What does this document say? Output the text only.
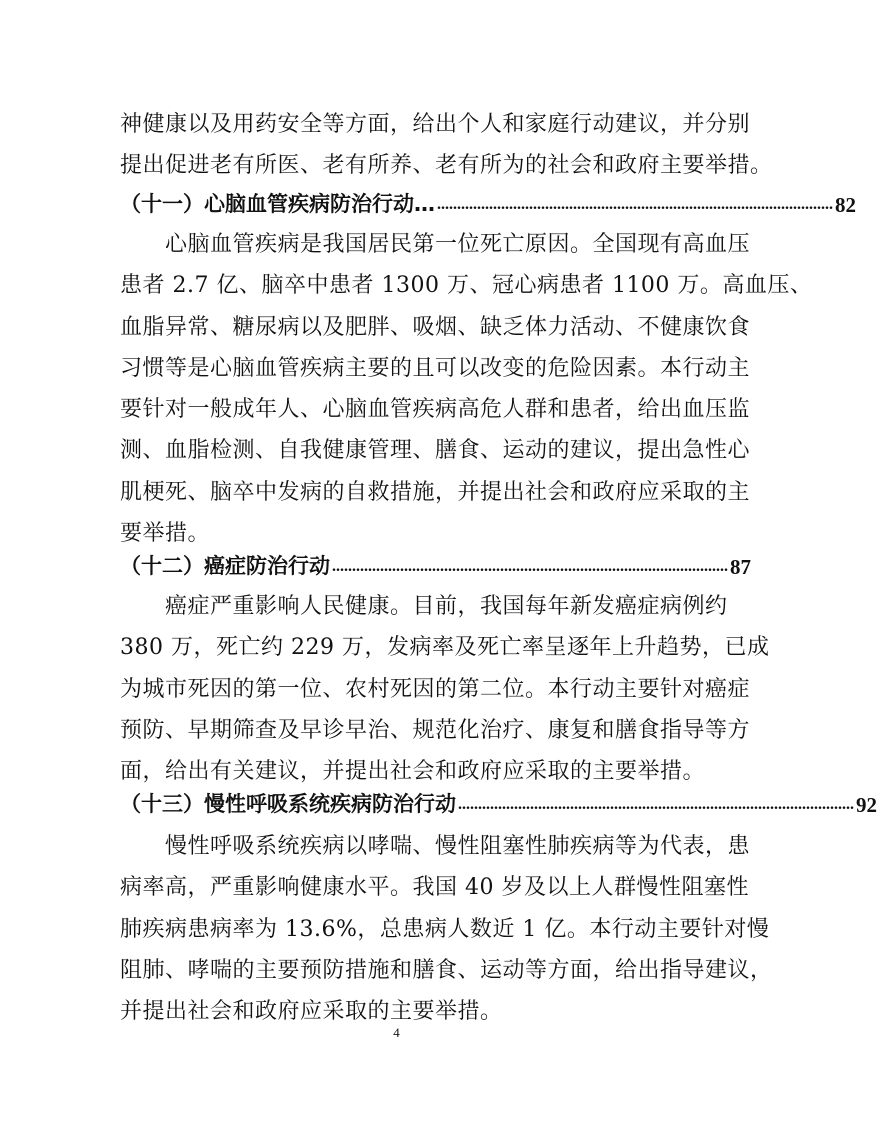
神健康以及用药安全等方面，给出个人和家庭行动建议，并分别
提出促进老有所医、老有所养、老有所为的社会和政府主要举措。
（十一）心脑血管疾病防治行动… ................................................................................................... 82
　　心脑血管疾病是我国居民第一位死亡原因。全国现有高血压
患者 2.7 亿、脑卒中患者 1300 万、冠心病患者 1100 万。高血压、
血脂异常、糖尿病以及肥胖、吸烟、缺乏体力活动、不健康饮食
习惯等是心脑血管疾病主要的且可以改变的危险因素。本行动主
要针对一般成年人、心脑血管疾病高危人群和患者，给出血压监
测、血脂检测、自我健康管理、膳食、运动的建议，提出急性心
肌梗死、脑卒中发病的自救措施，并提出社会和政府应采取的主
要举措。
（十二）癌症防治行动 ................................................................................................... 87
　　癌症严重影响人民健康。目前，我国每年新发癌症病例约
380 万，死亡约 229 万，发病率及死亡率呈逐年上升趋势，已成
为城市死因的第一位、农村死因的第二位。本行动主要针对癌症
预防、早期筛查及早诊早治、规范化治疗、康复和膳食指导等方
面，给出有关建议，并提出社会和政府应采取的主要举措。
（十三）慢性呼吸系统疾病防治行动 ................................................................................................... 92
　　慢性呼吸系统疾病以哮喘、慢性阻塞性肺疾病等为代表，患
病率高，严重影响健康水平。我国 40 岁及以上人群慢性阻塞性
肺疾病患病率为 13.6%，总患病人数近 1 亿。本行动主要针对慢
阻肺、哮喘的主要预防措施和膳食、运动等方面，给出指导建议，
并提出社会和政府应采取的主要举措。
4
